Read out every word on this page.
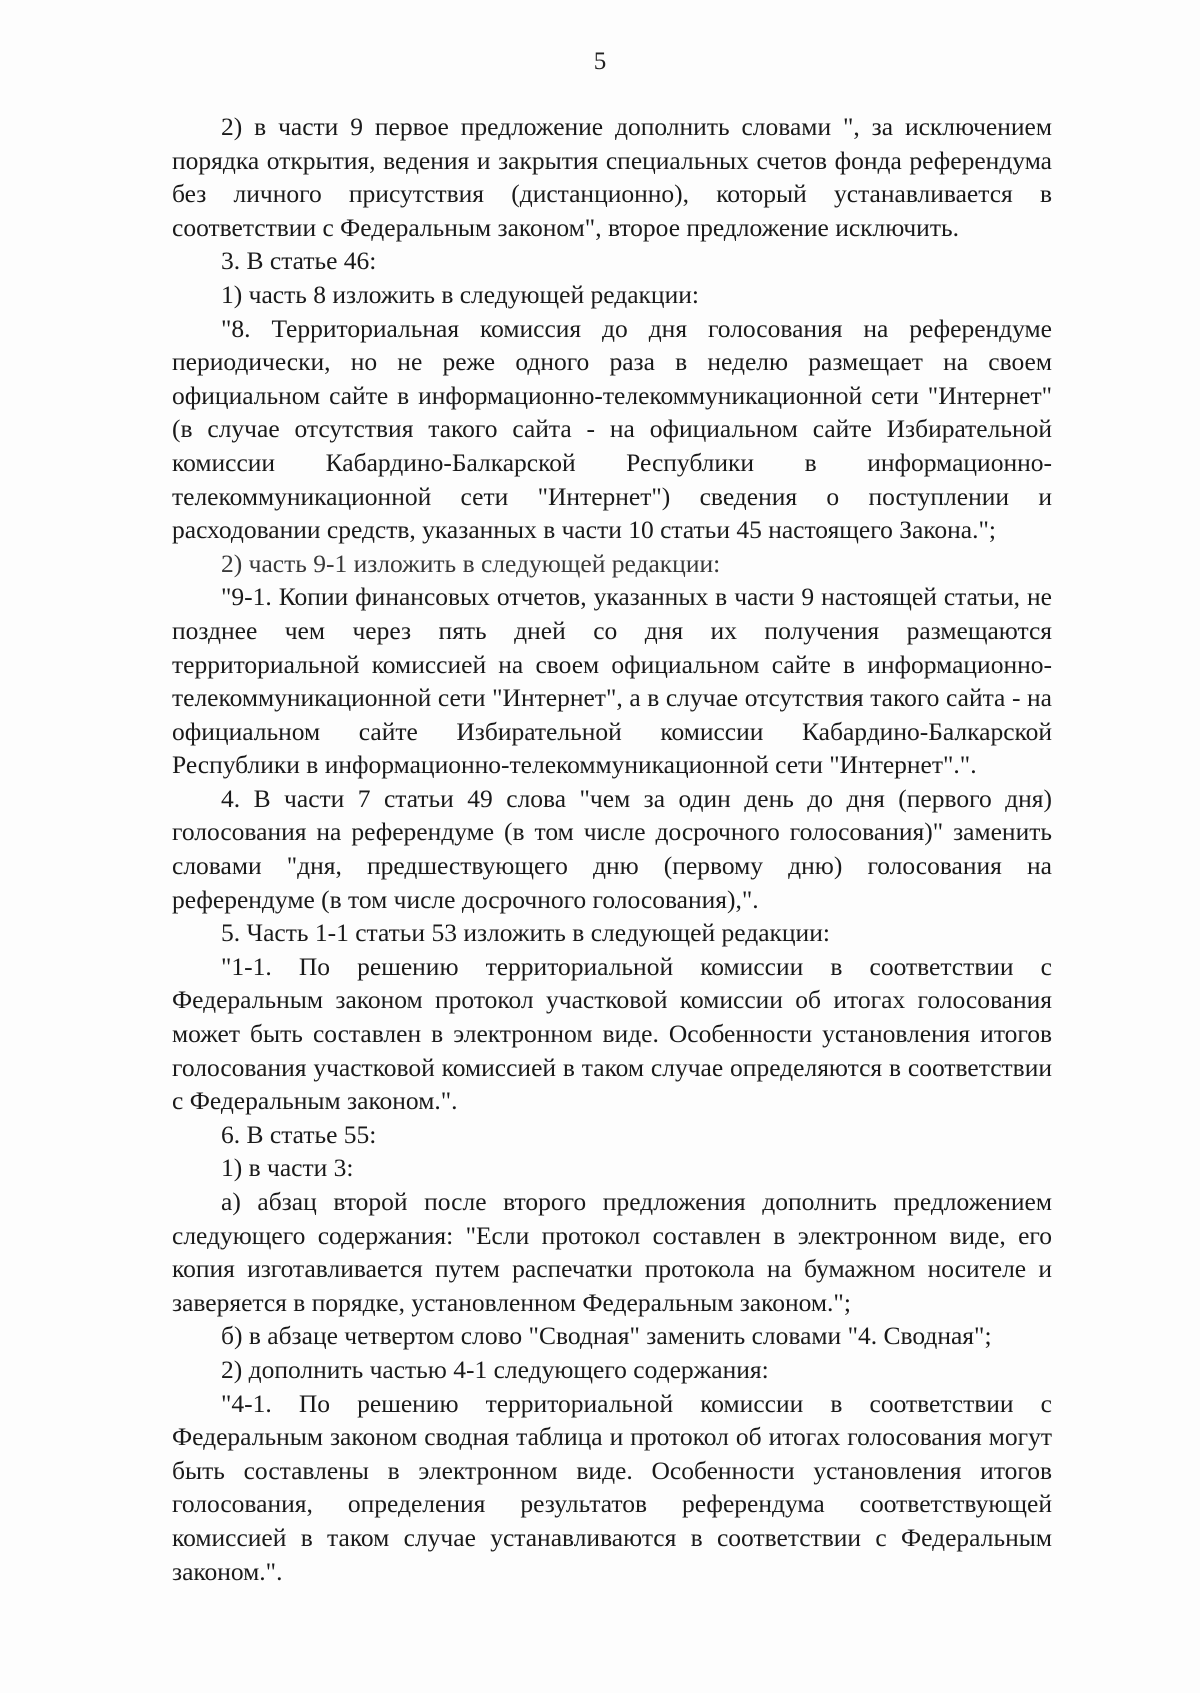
5

2) в части 9 первое предложение дополнить словами ", за исключением порядка открытия, ведения и закрытия специальных счетов фонда референдума без личного присутствия (дистанционно), который устанавливается в соответствии с Федеральным законом", второе предложение исключить.

3. В статье 46:

1) часть 8 изложить в следующей редакции:

"8. Территориальная комиссия до дня голосования на референдуме периодически, но не реже одного раза в неделю размещает на своем официальном сайте в информационно-телекоммуникационной сети "Интернет" (в случае отсутствия такого сайта - на официальном сайте Избирательной комиссии Кабардино-Балкарской Республики в информационно-телекоммуникационной сети "Интернет") сведения о поступлении и расходовании средств, указанных в части 10 статьи 45 настоящего Закона.";

2) часть 9-1 изложить в следующей редакции:

"9-1. Копии финансовых отчетов, указанных в части 9 настоящей статьи, не позднее чем через пять дней со дня их получения размещаются территориальной комиссией на своем официальном сайте в информационно-телекоммуникационной сети "Интернет", а в случае отсутствия такого сайта - на официальном сайте Избирательной комиссии Кабардино-Балкарской Республики в информационно-телекоммуникационной сети "Интернет".".

4. В части 7 статьи 49 слова "чем за один день до дня (первого дня) голосования на референдуме (в том числе досрочного голосования)" заменить словами "дня, предшествующего дню (первому дню) голосования на референдуме (в том числе досрочного голосования),".

5. Часть 1-1 статьи 53 изложить в следующей редакции:

"1-1. По решению территориальной комиссии в соответствии с Федеральным законом протокол участковой комиссии об итогах голосования может быть составлен в электронном виде. Особенности установления итогов голосования участковой комиссией в таком случае определяются в соответствии с Федеральным законом.".

6. В статье 55:

1) в части 3:

а) абзац второй после второго предложения дополнить предложением следующего содержания: "Если протокол составлен в электронном виде, его копия изготавливается путем распечатки протокола на бумажном носителе и заверяется в порядке, установленном Федеральным законом.";

б) в абзаце четвертом слово "Сводная" заменить словами "4. Сводная";

2) дополнить частью 4-1 следующего содержания:

"4-1. По решению территориальной комиссии в соответствии с Федеральным законом сводная таблица и протокол об итогах голосования могут быть составлены в электронном виде. Особенности установления итогов голосования, определения результатов референдума соответствующей комиссией в таком случае устанавливаются в соответствии с Федеральным законом.".
